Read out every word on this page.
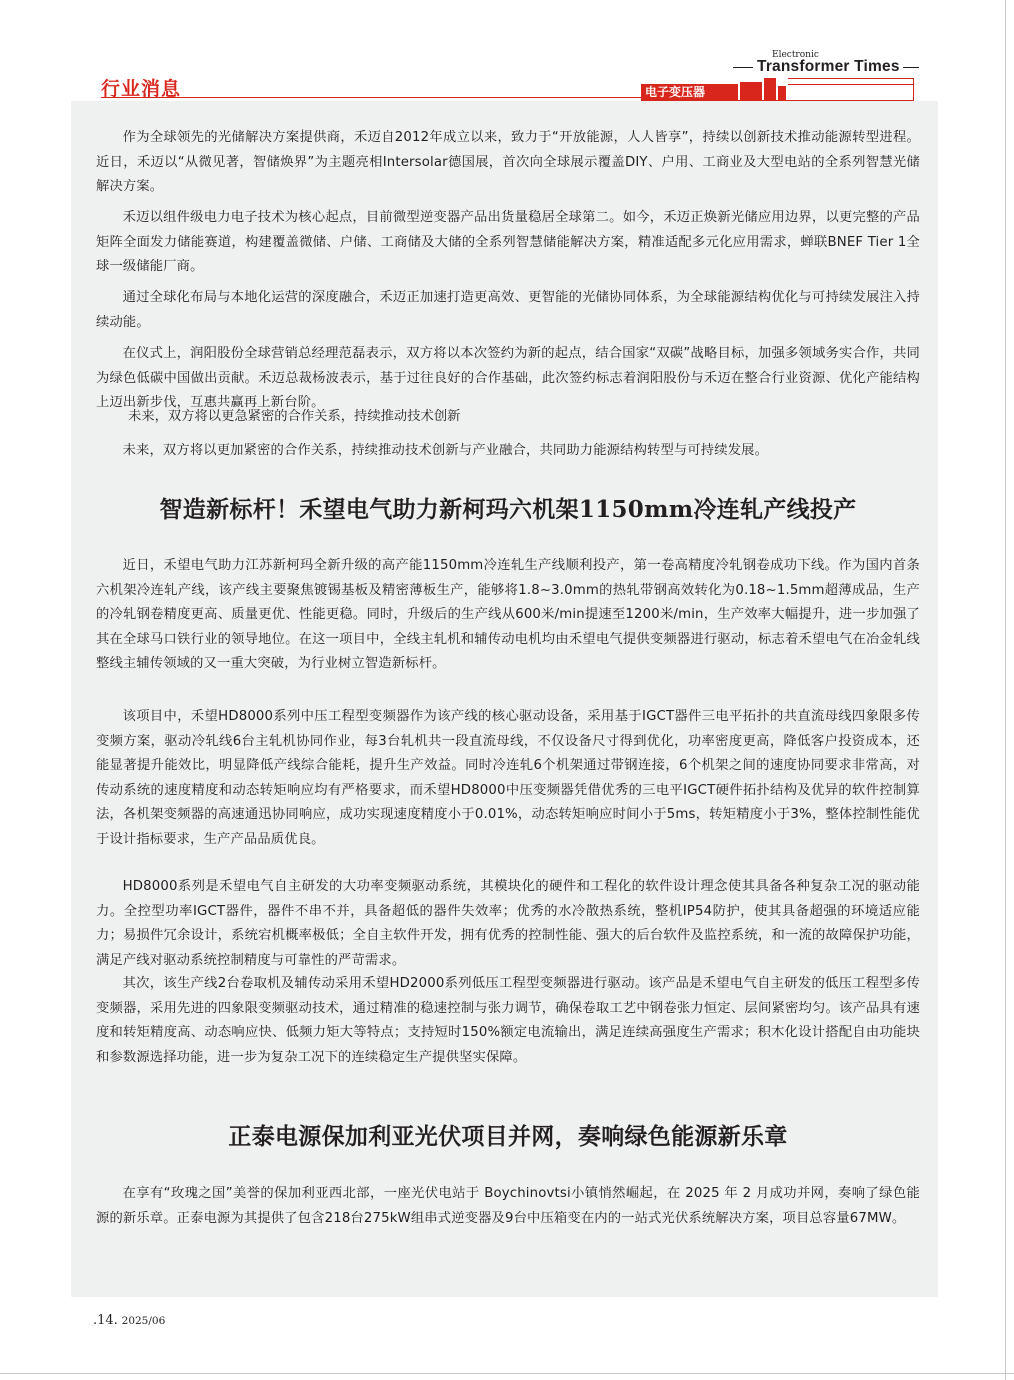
行业消息
Electronic
Transformer Times
电子变压器

作为全球领先的光储解决方案提供商，禾迈自2012年成立以来，致力于“开放能源，人人皆享”，持续以创新技术推动能源转型进程。近日，禾迈以“从微见著，智储焕界”为主题亮相Intersolar德国展，首次向全球展示覆盖DIY、户用、工商业及大型电站的全系列智慧光储解决方案。

禾迈以组件级电力电子技术为核心起点，目前微型逆变器产品出货量稳居全球第二。如今，禾迈正焕新光储应用边界，以更完整的产品矩阵全面发力储能赛道，构建覆盖微储、户储、工商储及大储的全系列智慧储能解决方案，精准适配多元化应用需求，蝉联BNEF Tier 1全球一级储能厂商。

通过全球化布局与本地化运营的深度融合，禾迈正加速打造更高效、更智能的光储协同体系，为全球能源结构优化与可持续发展注入持续动能。

在仪式上，润阳股份全球营销总经理范磊表示，双方将以本次签约为新的起点，结合国家“双碳”战略目标，加强多领域务实合作，共同为绿色低碳中国做出贡献。禾迈总裁杨波表示，基于过往良好的合作基础，此次签约标志着润阳股份与禾迈在整合行业资源、优化产能结构上迈出新步伐，互惠共赢再上新台阶。

未来，双方将以更急紧密的合作关系，持续推动技术创新

未来，双方将以更加紧密的合作关系，持续推动技术创新与产业融合，共同助力能源结构转型与可持续发展。

智造新标杆！禾望电气助力新柯玛六机架1150mm冷连轧产线投产

近日，禾望电气助力江苏新柯玛全新升级的高产能1150mm冷连轧生产线顺利投产，第一卷高精度冷轧钢卷成功下线。作为国内首条六机架冷连轧产线，该产线主要聚焦镀锡基板及精密薄板生产，能够将1.8~3.0mm的热轧带钢高效转化为0.18~1.5mm超薄成品，生产的冷轧钢卷精度更高、质量更优、性能更稳。同时，升级后的生产线从600米/min提速至1200米/min，生产效率大幅提升，进一步加强了其在全球马口铁行业的领导地位。在这一项目中，全线主轧机和辅传动电机均由禾望电气提供变频器进行驱动，标志着禾望电气在冶金轧线整线主辅传领域的又一重大突破，为行业树立智造新标杆。

该项目中，禾望HD8000系列中压工程型变频器作为该产线的核心驱动设备，采用基于IGCT器件三电平拓扑的共直流母线四象限多传变频方案，驱动冷轧线6台主轧机协同作业，每3台轧机共一段直流母线，不仅设备尺寸得到优化，功率密度更高，降低客户投资成本，还能显著提升能效比，明显降低产线综合能耗，提升生产效益。同时冷连轧6个机架通过带钢连接，6个机架之间的速度协同要求非常高，对传动系统的速度精度和动态转矩响应均有严格要求，而禾望HD8000中压变频器凭借优秀的三电平IGCT硬件拓扑结构及优异的软件控制算法，各机架变频器的高速通迅协同响应，成功实现速度精度小于0.01%，动态转矩响应时间小于5ms，转矩精度小于3%，整体控制性能优于设计指标要求，生产产品品质优良。

HD8000系列是禾望电气自主研发的大功率变频驱动系统，其模块化的硬件和工程化的软件设计理念使其具备各种复杂工况的驱动能力。全控型功率IGCT器件，器件不串不并，具备超低的器件失效率；优秀的水冷散热系统，整机IP54防护，使其具备超强的环境适应能力；易损件冗余设计，系统宕机概率极低；全自主软件开发，拥有优秀的控制性能、强大的后台软件及监控系统，和一流的故障保护功能，满足产线对驱动系统控制精度与可靠性的严苛需求。

其次，该生产线2台卷取机及辅传动采用禾望HD2000系列低压工程型变频器进行驱动。该产品是禾望电气自主研发的低压工程型多传变频器，采用先进的四象限变频驱动技术，通过精准的稳速控制与张力调节，确保卷取工艺中钢卷张力恒定、层间紧密均匀。该产品具有速度和转矩精度高、动态响应快、低频力矩大等特点；支持短时150%额定电流输出，满足连续高强度生产需求；积木化设计搭配自由功能块和参数源选择功能，进一步为复杂工况下的连续稳定生产提供坚实保障。

正泰电源保加利亚光伏项目并网，奏响绿色能源新乐章

在享有“玫瑰之国”美誉的保加利亚西北部，一座光伏电站于 Boychinovtsi小镇悄然崛起，在 2025 年 2 月成功并网，奏响了绿色能源的新乐章。正泰电源为其提供了包含218台275kW组串式逆变器及9台中压箱变在内的一站式光伏系统解决方案，项目总容量67MW。

.14. 2025/06
